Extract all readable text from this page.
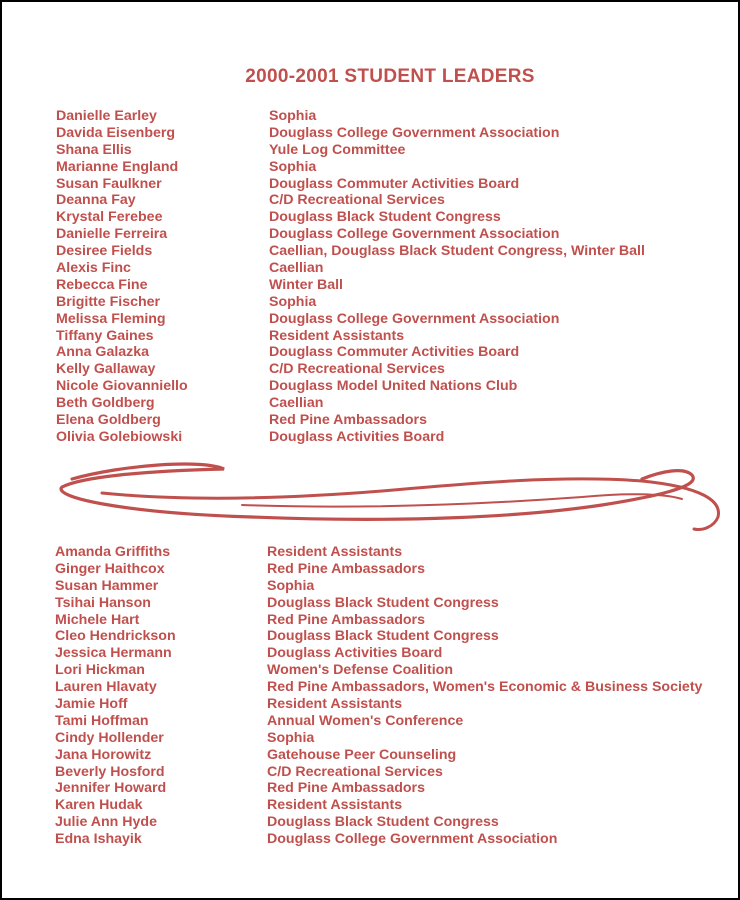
2000-2001 STUDENT LEADERS
Danielle Earley	Sophia
Davida Eisenberg	Douglass College Government Association
Shana Ellis	Yule Log Committee
Marianne England	Sophia
Susan Faulkner	Douglass Commuter Activities Board
Deanna Fay	C/D Recreational Services
Krystal Ferebee	Douglass Black Student Congress
Danielle Ferreira	Douglass College Government Association
Desiree Fields	Caellian, Douglass Black Student Congress, Winter Ball
Alexis Finc	Caellian
Rebecca Fine	Winter Ball
Brigitte Fischer	Sophia
Melissa Fleming	Douglass College Government Association
Tiffany Gaines	Resident Assistants
Anna Galazka	Douglass Commuter Activities Board
Kelly Gallaway	C/D Recreational Services
Nicole Giovanniello	Douglass Model United Nations Club
Beth Goldberg	Caellian
Elena Goldberg	Red Pine Ambassadors
Olivia Golebiowski	Douglass Activities Board
Amanda Griffiths	Resident Assistants
Ginger Haithcox	Red Pine Ambassadors
Susan Hammer	Sophia
Tsihai Hanson	Douglass Black Student Congress
Michele Hart	Red Pine Ambassadors
Cleo Hendrickson	Douglass Black Student Congress
Jessica Hermann	Douglass Activities Board
Lori Hickman	Women's Defense Coalition
Lauren Hlavaty	Red Pine Ambassadors, Women's Economic & Business Society
Jamie Hoff	Resident Assistants
Tami Hoffman	Annual Women's Conference
Cindy Hollender	Sophia
Jana Horowitz	Gatehouse Peer Counseling
Beverly Hosford	C/D Recreational Services
Jennifer Howard	Red Pine Ambassadors
Karen Hudak	Resident Assistants
Julie Ann Hyde	Douglass Black Student Congress
Edna Ishayik	Douglass College Government Association
